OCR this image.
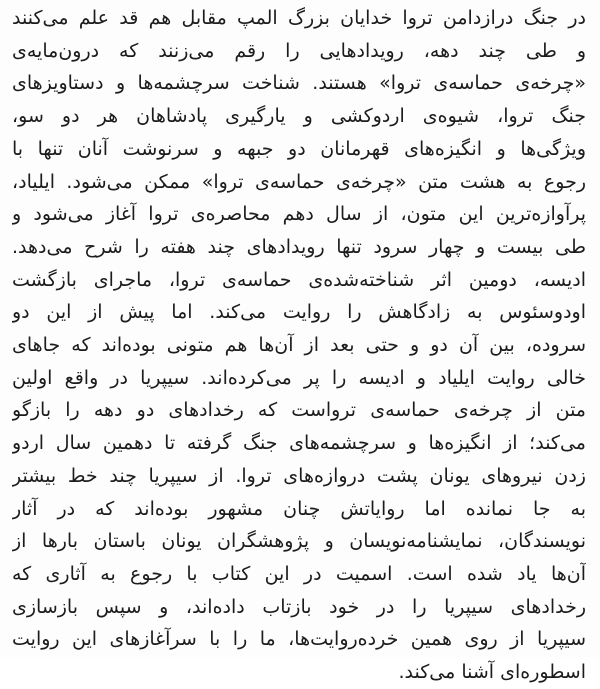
در جنگ درازدامن تروا خدایان بزرگ المپ مقابل هم قد علم می‌کنند
و طی چند دهه، رویدادهایی را رقم می‌زنند که درون‌مایه‌ی
«چرخه‌ی حماسه‌ی تروا» هستند. شناخت سرچشمه‌ها و دستاویزهای
جنگ تروا، شیوه‌ی اردوکشی و یارگیری پادشاهان هر دو سو،
ویژگی‌ها و انگیزه‌های قهرمانان دو جبهه و سرنوشت آنان تنها با
رجوع به هشت متن «چرخه‌ی حماسه‌ی تروا» ممکن می‌شود. ایلیاد،
پرآوازه‌ترین این متون، از سال دهم محاصره‌ی تروا آغاز می‌شود و
طی بیست و چهار سرود تنها رویدادهای چند هفته را شرح می‌دهد.
ادیسه، دومین اثر شناخته‌شده‌ی حماسه‌ی تروا، ماجرای بازگشت
اودوسئوس به زادگاهش را روایت می‌کند. اما پیش از این دو
سروده، بین آن دو و حتی بعد از آن‌ها هم متونی بوده‌اند که جاهای
خالی روایت ایلیاد و ادیسه را پر می‌کرده‌اند. سیپریا در واقع اولین
متن از چرخه‌ی حماسه‌ی ترواست که رخدادهای دو دهه را بازگو
می‌کند؛ از انگیزه‌ها و سرچشمه‌های جنگ گرفته تا دهمین سال اردو
زدن نیروهای یونان پشت دروازه‌های تروا. از سیپریا چند خط بیشتر
به جا نمانده اما روایاتش چنان مشهور بوده‌اند که در آثار
نویسندگان، نمایشنامه‌نویسان و پژوهشگران یونان باستان بارها از
آن‌ها یاد شده است. اسمیت در این کتاب با رجوع به آثاری که
رخدادهای سیپریا را در خود بازتاب داده‌اند، و سپس بازسازی
سیپریا از روی همین خرده‌روایت‌ها، ما را با سرآغازهای این روایت
اسطوره‌ای آشنا می‌کند.
